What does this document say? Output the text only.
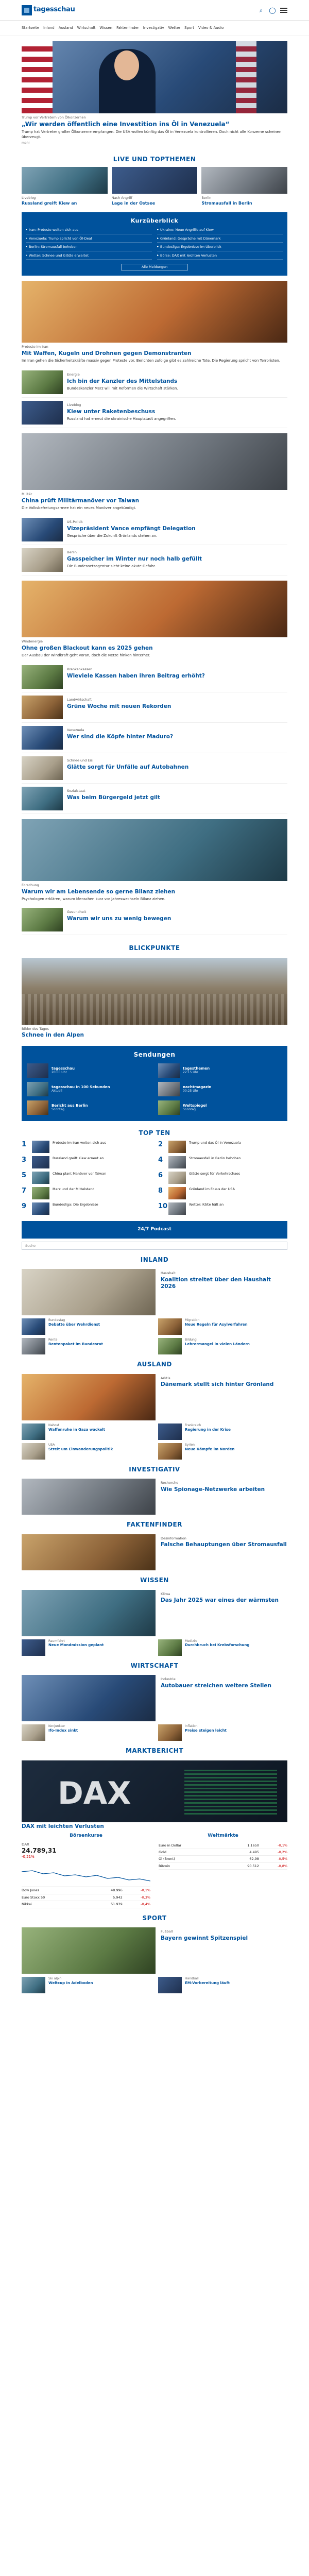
tagesschau	⌕ ◯
Startseite Inland Ausland Wirtschaft Wissen Faktenfinder Investigativ Wetter Sport Video & Audio
Trump vor Vertretern von Ölkonzernen
„Wir werden öffentlich eine Investition ins Öl in Venezuela“
Trump hat Vertreter großer Ölkonzerne empfangen. Die USA wollen künftig das Öl in Venezuela kontrollieren. Doch nicht alle Konzerne scheinen überzeugt.
mehr
LIVE UND TOPTHEMEN
Liveblog
Russland greift Kiew an
Nach Angriff
Lage in der Ostsee
Berlin
Stromausfall in Berlin
Kurzüberblick
▸ Iran: Proteste weiten sich aus	▸ Ukraine: Neue Angriffe auf Kiew
▸ Venezuela: Trump spricht von Öl-Deal	▸ Grönland: Gespräche mit Dänemark
▸ Berlin: Stromausfall behoben	▸ Bundesliga: Ergebnisse im Überblick
▸ Wetter: Schnee und Glätte erwartet	▸ Börse: DAX mit leichten Verlusten
Alle Meldungen
Proteste im Iran
Mit Waffen, Kugeln und Drohnen gegen Demonstranten
Im Iran gehen die Sicherheitskräfte massiv gegen Proteste vor. Berichten zufolge gibt es zahlreiche Tote. Die Regierung spricht von Terroristen.
Energie
Ich bin der Kanzler des Mittelstands
Bundeskanzler Merz will mit Reformen die Wirtschaft stärken.
Liveblog
Kiew unter Raketenbeschuss
Russland hat erneut die ukrainische Hauptstadt angegriffen.
Militär
China prüft Militärmanöver vor Taiwan
Die Volksbefreiungsarmee hat ein neues Manöver angekündigt.
US-Politik
Vizepräsident Vance empfängt Delegation
Gespräche über die Zukunft Grönlands stehen an.
Berlin
Gasspeicher im Winter nur noch halb gefüllt
Die Bundesnetzagentur sieht keine akute Gefahr.
Windenergie
Ohne großen Blackout kann es 2025 gehen
Der Ausbau der Windkraft geht voran, doch die Netze hinken hinterher.
Krankenkassen
Wieviele Kassen haben ihren Beitrag erhöht?
Landwirtschaft
Grüne Woche mit neuen Rekorden
Venezuela
Wer sind die Köpfe hinter Maduro?
Schnee und Eis
Glätte sorgt für Unfälle auf Autobahnen
Sozialstaat
Was beim Bürgergeld jetzt gilt
Forschung
Warum wir am Lebensende so gerne Bilanz ziehen
Psychologen erklären, warum Menschen kurz vor Jahreswechseln Bilanz ziehen.
Gesundheit
Warum wir uns zu wenig bewegen
BLICKPUNKTE
Bilder des Tages
Schnee in den Alpen
Sendungen
tagesschau
20:00 Uhr
tagesthemen
22:15 Uhr
tagesschau in 100 Sekunden
Aktuell
nachtmagazin
00:25 Uhr
Bericht aus Berlin
Sonntag
Weltspiegel
Sonntag
TOP TEN
1	Proteste im Iran weiten sich aus	2	Trump und das Öl in Venezuela
3	Russland greift Kiew erneut an	4	Stromausfall in Berlin behoben
5	China plant Manöver vor Taiwan	6	Glätte sorgt für Verkehrschaos
7	Merz und der Mittelstand	8	Grönland im Fokus der USA
9	Bundesliga: Die Ergebnisse	10	Wetter: Kälte hält an
24/7 Podcast
Suche
INLAND
Haushalt
Koalition streitet über den Haushalt 2026
Bundestag
Debatte über Wehrdienst
Migration
Neue Regeln für Asylverfahren
Rente
Rentenpaket im Bundesrat
Bildung
Lehrermangel in vielen Ländern
AUSLAND
Arktis
Dänemark stellt sich hinter Grönland
Nahost
Waffenruhe in Gaza wackelt
Frankreich
Regierung in der Krise
USA
Streit um Einwanderungspolitik
Syrien
Neue Kämpfe im Norden
INVESTIGATIV
Recherche
Wie Spionage-Netzwerke arbeiten
FAKTENFINDER
Desinformation
Falsche Behauptungen über Stromausfall
WISSEN
Klima
Das Jahr 2025 war eines der wärmsten
Raumfahrt
Neue Mondmission geplant
Medizin
Durchbruch bei Krebsforschung
WIRTSCHAFT
Industrie
Autobauer streichen weitere Stellen
Konjunktur
Ifo-Index sinkt
Inflation
Preise steigen leicht
MARKTBERICHT
DAX
DAX mit leichten Verlusten
Börsenkurse
DAX
24.789,31
-0,21%
Dow Jones	48.996	-0,1%
Euro Stoxx 50	5.942	-0,3%
Nikkei	51.939	-0,4%
Weltmärkte
Euro in Dollar	1,1650	-0,1%
Gold	4.495	-0,2%
Öl (Brent)	62,98	-0,5%
Bitcoin	90.512	-0,8%
SPORT
Fußball
Bayern gewinnt Spitzenspiel
Ski alpin
Weltcup in Adelboden
Handball
EM-Vorbereitung läuft
